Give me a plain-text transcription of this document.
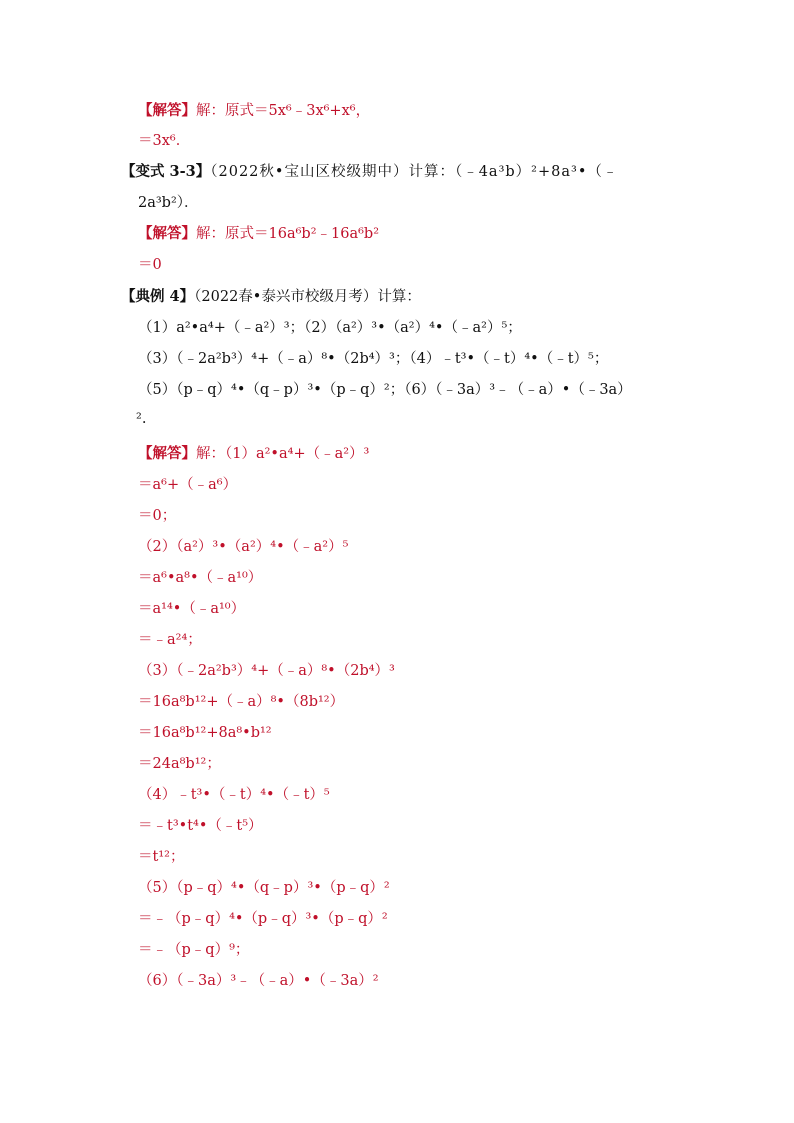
【解答】解：原式＝5x⁶﹣3x⁶+x⁶，
＝3x⁶．
【变式 3-3】（2022秋•宝山区校级期中）计算：（﹣4a³b）²+8a³•（﹣
2a³b²）．
【解答】解：原式＝16a⁶b²﹣16a⁶b²
＝0
【典例 4】（2022春•泰兴市校级月考）计算：
（1）a²•a⁴+（﹣a²）³；（2）（a²）³•（a²）⁴•（﹣a²）⁵；
（3）（﹣2a²b³）⁴+（﹣a）⁸•（2b⁴）³；（4）﹣t³•（﹣t）⁴•（﹣t）⁵；
（5）（p﹣q）⁴•（q﹣p）³•（p﹣q）²；（6）（﹣3a）³﹣（﹣a）•（﹣3a）
².
【解答】解：（1）a²•a⁴+（﹣a²）³
＝a⁶+（﹣a⁶）
＝0；
（2）（a²）³•（a²）⁴•（﹣a²）⁵
＝a⁶•a⁸•（﹣a¹⁰）
＝a¹⁴•（﹣a¹⁰）
＝﹣a²⁴；
（3）（﹣2a²b³）⁴+（﹣a）⁸•（2b⁴）³
＝16a⁸b¹²+（﹣a）⁸•（8b¹²）
＝16a⁸b¹²+8a⁸•b¹²
＝24a⁸b¹²；
（4）﹣t³•（﹣t）⁴•（﹣t）⁵
＝﹣t³•t⁴•（﹣t⁵）
＝t¹²；
（5）（p﹣q）⁴•（q﹣p）³•（p﹣q）²
＝﹣（p﹣q）⁴•（p﹣q）³•（p﹣q）²
＝﹣（p﹣q）⁹；
（6）（﹣3a）³﹣（﹣a）•（﹣3a）²
